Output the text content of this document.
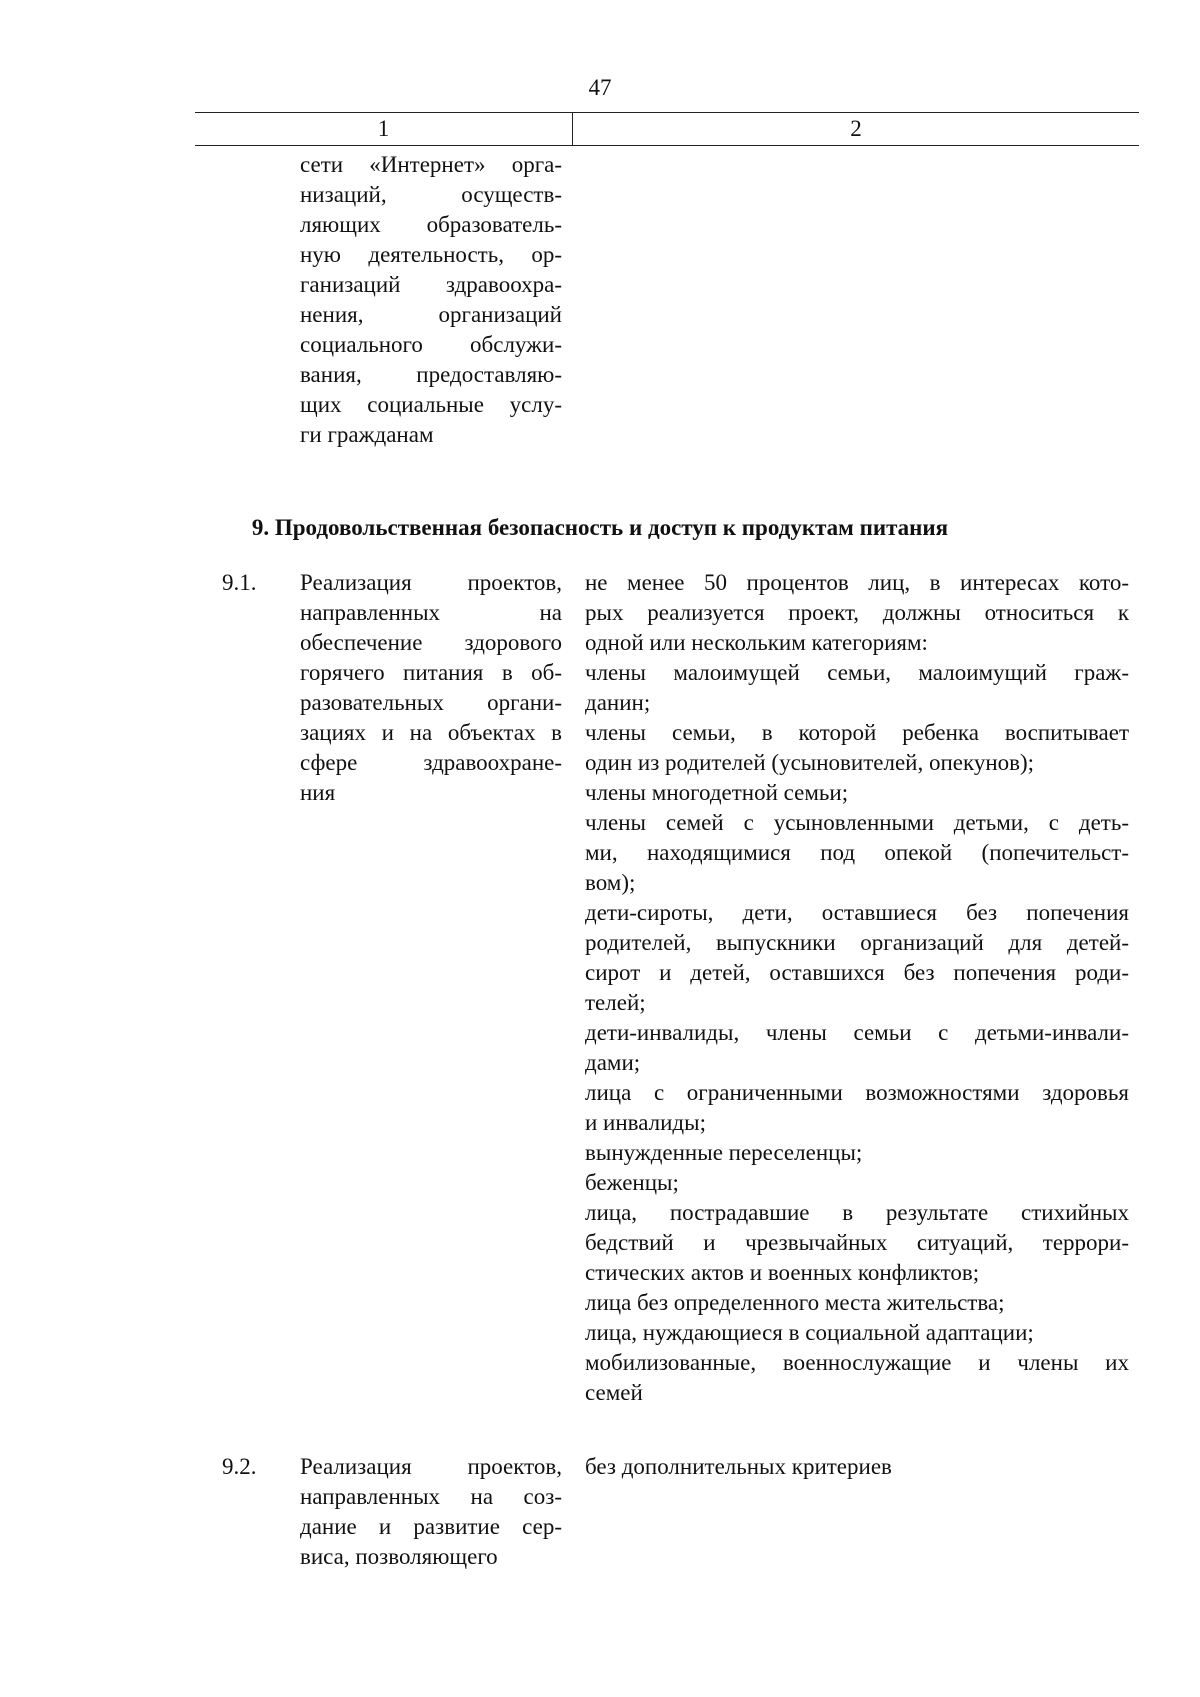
47
1	2
сети «Интернет» орга-
низаций, осуществ-
ляющих образователь-
ную деятельность, ор-
ганизаций здравоохра-
нения, организаций
социального обслужи-
вания, предоставляю-
щих социальные услу-
ги гражданам
9. Продовольственная безопасность и доступ к продуктам питания
9.1. Реализация проектов,
направленных на
обеспечение здорового
горячего питания в об-
разовательных органи-
зациях и на объектах в
сфере здравоохране-
ния
не менее 50 процентов лиц, в интересах кото-
рых реализуется проект, должны относиться к
одной или нескольким категориям:
члены малоимущей семьи, малоимущий граж-
данин;
члены семьи, в которой ребенка воспитывает
один из родителей (усыновителей, опекунов);
члены многодетной семьи;
члены семей с усыновленными детьми, с деть-
ми, находящимися под опекой (попечительст-
вом);
дети-сироты, дети, оставшиеся без попечения
родителей, выпускники организаций для детей-
сирот и детей, оставшихся без попечения роди-
телей;
дети-инвалиды, члены семьи с детьми-инвали-
дами;
лица с ограниченными возможностями здоровья
и инвалиды;
вынужденные переселенцы;
беженцы;
лица, пострадавшие в результате стихийных
бедствий и чрезвычайных ситуаций, террори-
стических актов и военных конфликтов;
лица без определенного места жительства;
лица, нуждающиеся в социальной адаптации;
мобилизованные, военнослужащие и члены их
семей
9.2. Реализация проектов,
направленных на соз-
дание и развитие сер-
виса, позволяющего
без дополнительных критериев
